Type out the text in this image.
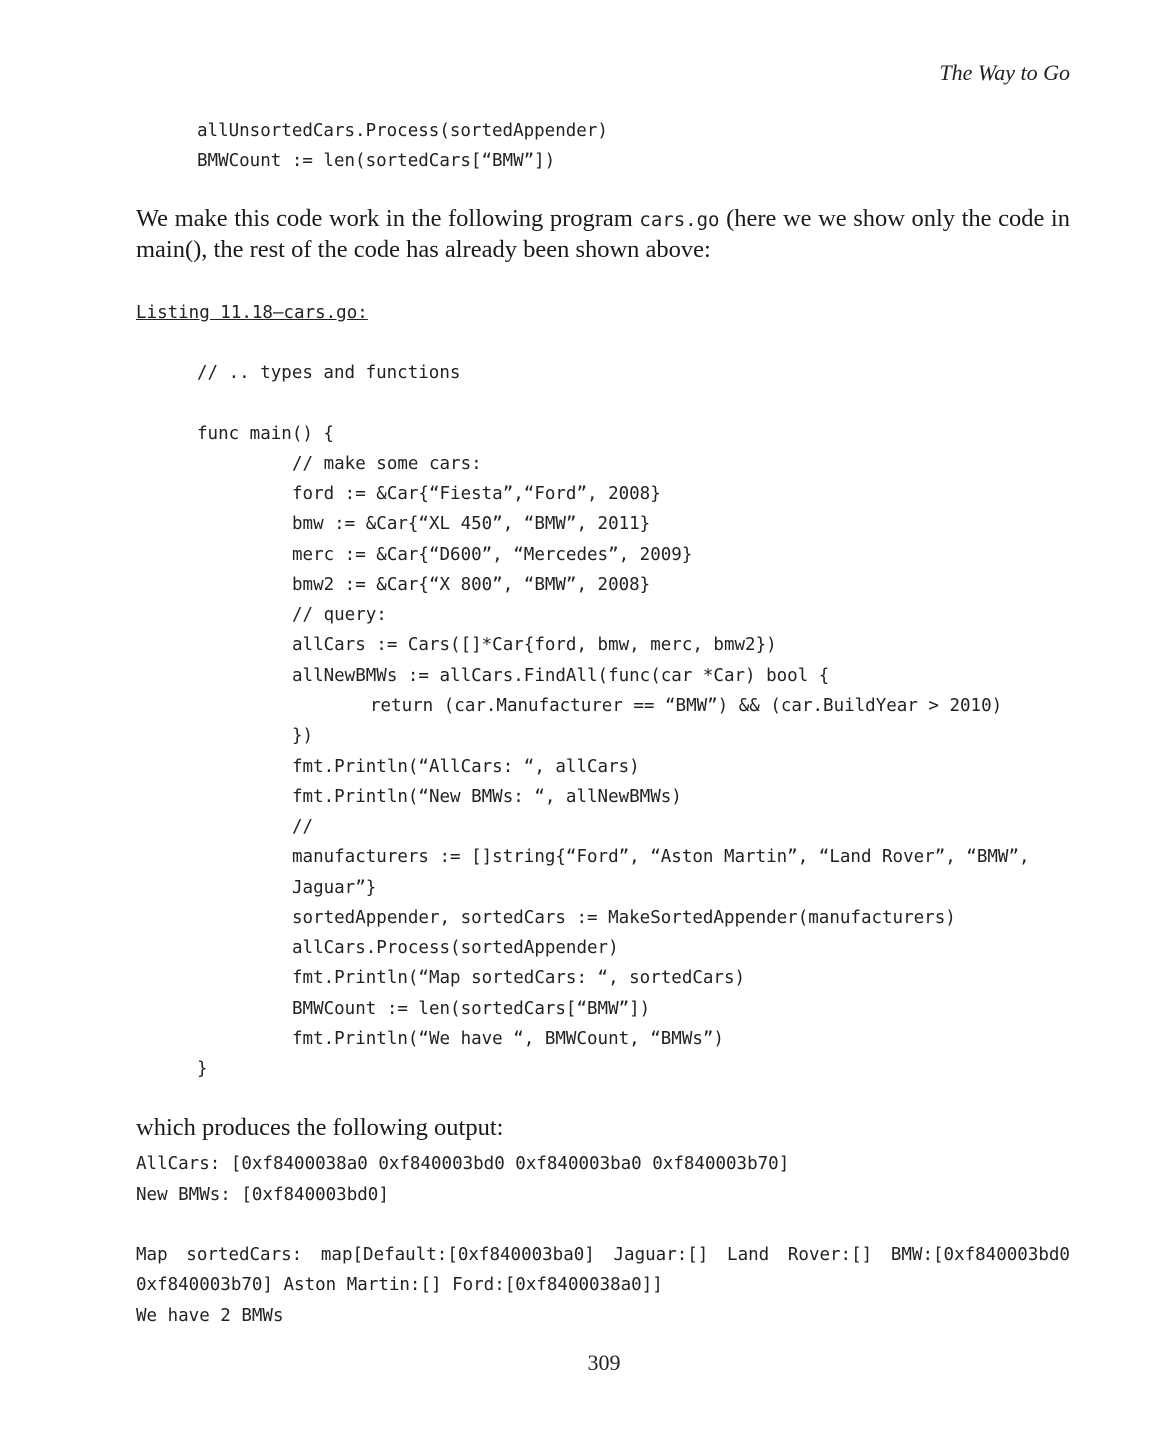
The Way to Go
allUnsortedCars.Process(sortedAppender)
BMWCount := len(sortedCars[“BMW”])
We make this code work in the following program cars.go (here we we show only the code in main(), the rest of the code has already been shown above:
Listing 11.18—cars.go:
// .. types and functions
func main() {
// make some cars:
ford := &Car{“Fiesta”,“Ford”, 2008}
bmw := &Car{“XL 450”, “BMW”, 2011}
merc := &Car{“D600”, “Mercedes”, 2009}
bmw2 := &Car{“X 800”, “BMW”, 2008}
// query:
allCars := Cars([]*Car{ford, bmw, merc, bmw2})
allNewBMWs := allCars.FindAll(func(car *Car) bool {
return (car.Manufacturer == “BMW”) && (car.BuildYear > 2010)
})
fmt.Println(“AllCars: “, allCars)
fmt.Println(“New BMWs: “, allNewBMWs)
//
manufacturers := []string{“Ford”, “Aston Martin”, “Land Rover”, “BMW”,
Jaguar”}
sortedAppender, sortedCars := MakeSortedAppender(manufacturers)
allCars.Process(sortedAppender)
fmt.Println(“Map sortedCars: “, sortedCars)
BMWCount := len(sortedCars[“BMW”])
fmt.Println(“We have “, BMWCount, “BMWs”)
}
which produces the following output:
AllCars: [0xf8400038a0 0xf840003bd0 0xf840003ba0 0xf840003b70]
New BMWs: [0xf840003bd0]
Map sortedCars: map[Default:[0xf840003ba0] Jaguar:[] Land Rover:[] BMW:[0xf840003bd0
0xf840003b70] Aston Martin:[] Ford:[0xf8400038a0]]
We have 2 BMWs
309
